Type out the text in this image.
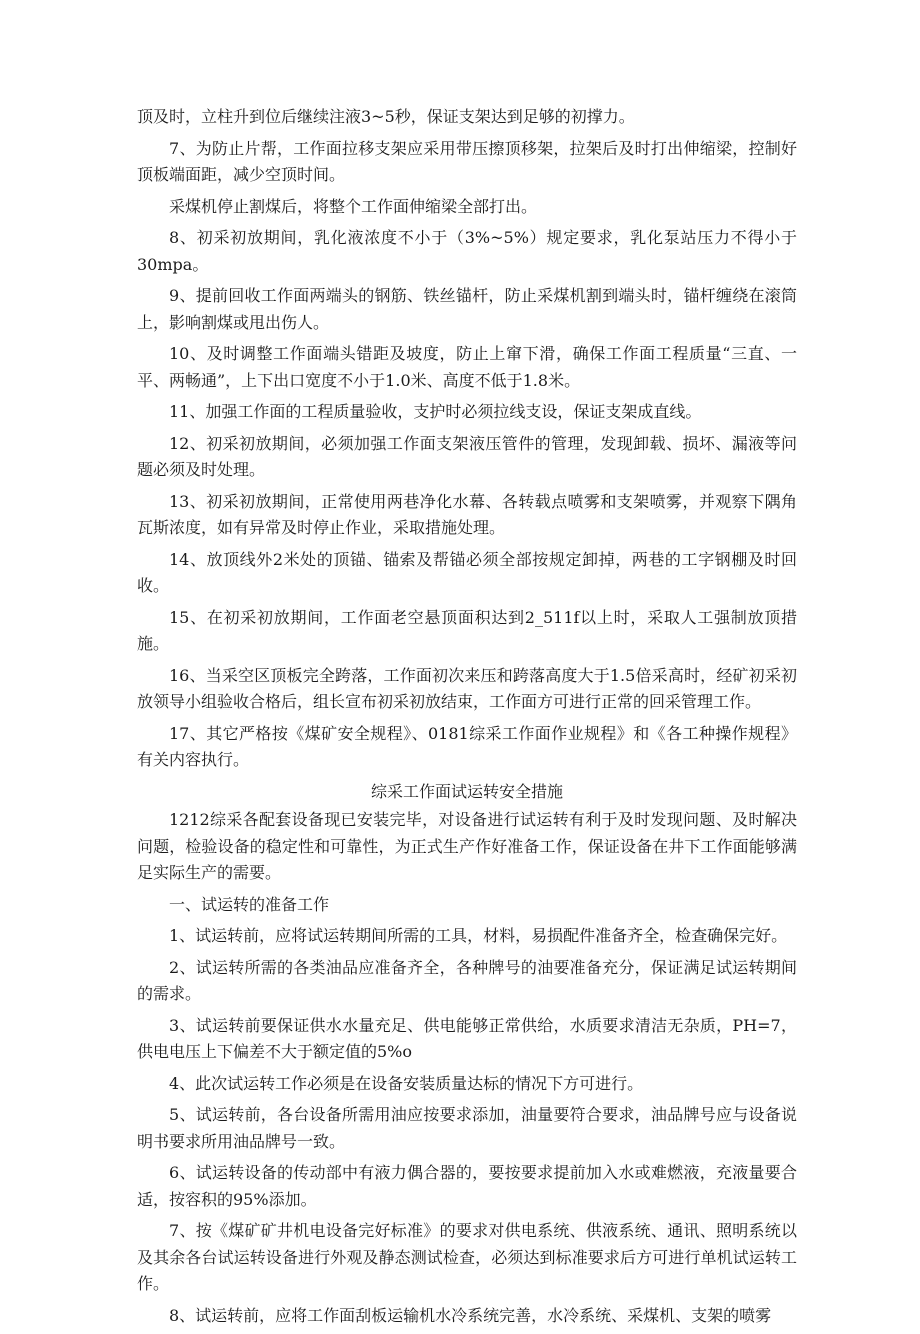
顶及时，立柱升到位后继续注液3~5秒，保证支架达到足够的初撑力。

7、为防止片帮，工作面拉移支架应采用带压擦顶移架，拉架后及时打出伸缩梁，控制好顶板端面距，减少空顶时间。

采煤机停止割煤后，将整个工作面伸缩梁全部打出。

8、初采初放期间，乳化液浓度不小于（3%~5%）规定要求，乳化泵站压力不得小于30mpa。

9、提前回收工作面两端头的钢筋、铁丝锚杆，防止采煤机割到端头时，锚杆缠绕在滚筒上，影响割煤或甩出伤人。

10、及时调整工作面端头错距及坡度，防止上窜下滑，确保工作面工程质量“三直、一平、两畅通”，上下出口宽度不小于1.0米、高度不低于1.8米。

11、加强工作面的工程质量验收，支护时必须拉线支设，保证支架成直线。

12、初采初放期间，必须加强工作面支架液压管件的管理，发现卸载、损坏、漏液等问题必须及时处理。

13、初采初放期间，正常使用两巷净化水幕、各转载点喷雾和支架喷雾，并观察下隅角瓦斯浓度，如有异常及时停止作业，采取措施处理。

14、放顶线外2米处的顶锚、锚索及帮锚必须全部按规定卸掉，两巷的工字钢棚及时回收。

15、在初采初放期间，工作面老空悬顶面积达到2_511f以上时，采取人工强制放顶措施。

16、当采空区顶板完全跨落，工作面初次来压和跨落高度大于1.5倍采高时，经矿初采初放领导小组验收合格后，组长宣布初采初放结束，工作面方可进行正常的回采管理工作。

17、其它严格按《煤矿安全规程》、0181综采工作面作业规程》和《各工种操作规程》有关内容执行。

综采工作面试运转安全措施

1212综采各配套设备现已安装完毕，对设备进行试运转有利于及时发现问题、及时解决问题，检验设备的稳定性和可靠性，为正式生产作好准备工作，保证设备在井下工作面能够满足实际生产的需要。

一、试运转的准备工作

1、试运转前，应将试运转期间所需的工具，材料，易损配件准备齐全，检查确保完好。

2、试运转所需的各类油品应准备齐全，各种牌号的油要准备充分，保证满足试运转期间的需求。

3、试运转前要保证供水水量充足、供电能够正常供给，水质要求清洁无杂质，PH=7，供电电压上下偏差不大于额定值的5%o

4、此次试运转工作必须是在设备安装质量达标的情况下方可进行。

5、试运转前，各台设备所需用油应按要求添加，油量要符合要求，油品牌号应与设备说明书要求所用油品牌号一致。

6、试运转设备的传动部中有液力偶合器的，要按要求提前加入水或难燃液，充液量要合适，按容积的95%添加。

7、按《煤矿矿井机电设备完好标准》的要求对供电系统、供液系统、通讯、照明系统以及其余各台试运转设备进行外观及静态测试检查，必须达到标准要求后方可进行单机试运转工作。

8、试运转前，应将工作面刮板运输机水冷系统完善，水冷系统、采煤机、支架的喷雾
